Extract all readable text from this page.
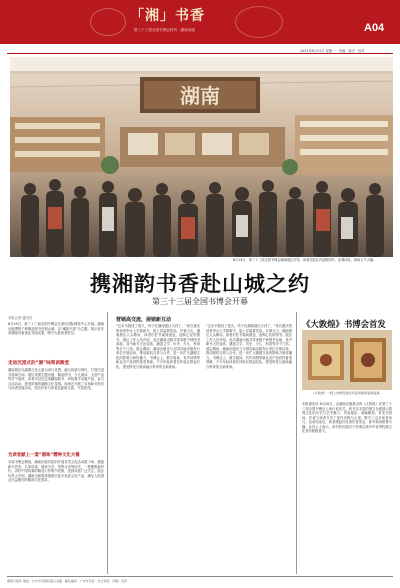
「湘」书香
第三十三届全国书博会特刊 · 湖南出版	A04
2023年8月21日 星期一 · 责编 · 版式 · 校对
湖南
8月19日，第三十三届全国书博会湖南展区开馆，读者在展区内选购图书、参观体验，现场人气火爆。
携湘韵书香赴山城之约
第三十三届全国书博会开幕
本报记者 通讯员
8月19日，第三十三届全国书博会在重庆国际博览中心开幕。湖南出版携数千种精品图书亮相山城，以“湘韵书香”为主题，展示近年来湖南出版事业发展成果，吸引大批读者驻足。
走进沉浸式的“湘”味阅读殿堂
湖南展区以湖湘文化元素为设计灵感，融合传统与现代，打造沉浸式阅读空间。展区设置主题出版、精品图书、少儿阅读、文创产品等多个板块，读者可以在这里翻阅新书、体验数字出版产品、参与互动活动，感受浓郁的湖湘文化氛围。现场还开展了多场新书发布与读者见面活动，知名作家与读者近距离交流，气氛热烈。
为读者献上一道“湘味”精神文化大餐
本届书博会期间，湖南出版共组织开展各类文化活动数十场，涵盖新书首发、名家讲座、阅读分享、签售互动等形式。一批聚焦新时代、讲好中国故事的精品力作集中亮相，受到读者广泛关注。展区负责人介绍，湖南出版将持续推出更多优质文化产品，满足人民群众日益增长的精神文化需求。
营销高交流，展销新互动
“这本书我找了很久，终于在湖南展区买到了。”来自重庆的读者李女士手捧新书，脸上洋溢着笑容。开幕当天，湖南展区人头攒动，读者们在书架间流连，选购心仪的图书。展区工作人员介绍，此次湖南出版共带来数千种图书参展，其中新书占比较高，涵盖文学、历史、少儿、科普等多个门类。展会期间，湖南出版还与全国各地出版发行单位开展洽谈，推动版权交易与合作，进一步扩大湖湘文化的影响力和传播力。书博会上，数字阅读、有声读物等新业态产品同样备受青睐，不少年轻读者在体验区排起长队，感受科技与阅读融合带来的全新体验。
“这本书我找了很久，终于在湖南展区买到了。”来自重庆的读者李女士手捧新书，脸上洋溢着笑容。开幕当天，湖南展区人头攒动，读者们在书架间流连，选购心仪的图书。展区工作人员介绍，此次湖南出版共带来数千种图书参展，其中新书占比较高，涵盖文学、历史、少儿、科普等多个门类。展会期间，湖南出版还与全国各地出版发行单位开展洽谈，推动版权交易与合作，进一步扩大湖湘文化的影响力和传播力。书博会上，数字阅读、有声读物等新业态产品同样备受青睐，不少年轻读者在体验区排起长队，感受科技与阅读融合带来的全新体验。
《大敦煌》书博会首发
《大敦煌》一经上市便受到众多读者的喜爱和追捧。
本报重庆讯 8月20日，由湖南出版推出的《大敦煌》在第三十三届全国书博会上举行首发式。该书以丰富的图文全面展示敦煌文化的历史与艺术魅力，内容翔实、装帧精美。首发式现场，作者与读者分享了创作历程与心得，吸引了众多读者参与。活动结束后，读者排起长队请作者签名，新书现场销售火爆。业内人士表示，该书的出版对于传承弘扬中华优秀传统文化具有积极意义。
湖南日报社 地址：长沙市芙蓉区韶山北路 · 邮政编码 · 广告许可证 · 发行热线 · 印刷 · 定价
